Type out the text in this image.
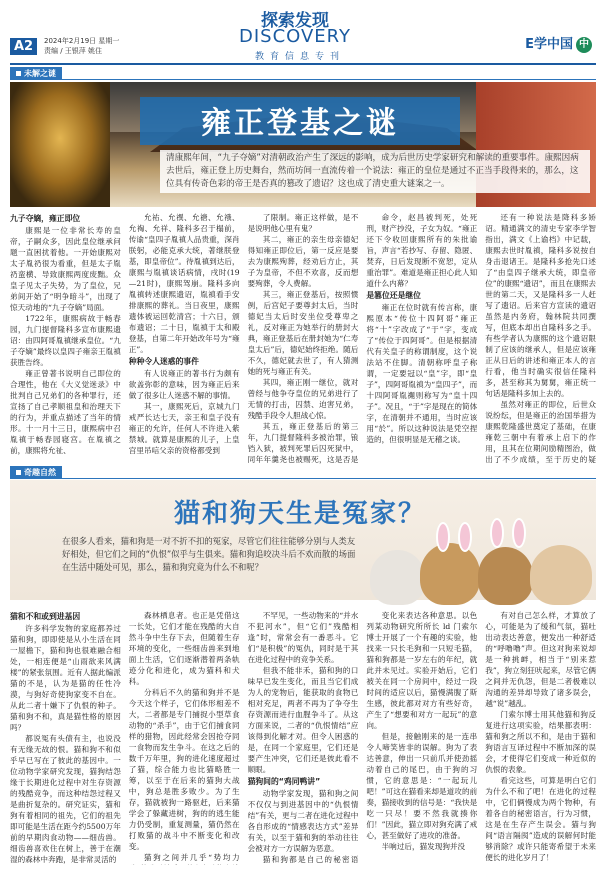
A2	2024年2月19日 星期一
责编 / 王银萍 姚住
探索发现
DISCOVERY
教育信息专刊
E学中国 中
未解之谜
雍正登基之谜
清康熙年间，“九子夺嫡”对清朝政治产生了深远的影响，成为后世历史学家研究和解读的重要事件。康熙因病去世后，雍正登上历史舞台，然而坊间一直流传着一个说法：雍正的皇位是通过不正当手段得来的，那么，这位具有传奇色彩的帝王是否真的篡改了遗诏？这也成了清史重大谜案之一。
九子夺嫡，雍正即位

康熙是一位非常长寿的皇帝，子嗣众多，因此皇位继承问题一直困扰着他。一开始康熙对太子胤礽很为看重，但是太子胤礽蛮横、导致康熙两度废黜。众皇子见太子失势，为了皇位，兄弟间开始了“明争暗斗”，出现了惊天动地的“九子夺嫡”局面。

1722年，康熙病故于畅春园，九门提督隆科多宣布康熙遗诏：由四阿哥胤禛继承皇位。“九子夺嫡”最终以皇四子雍亲王胤禛获胜告终。

雍正曾著书说明自己即位的合理性，他在《大义觉迷录》中批判自己兄弟们的各种罪行，还宣扬了自己孝顺祖皇和治理天下的行为，并重点描述了当年的情形。十一月十三日，康熙病中召胤禛于畅春园寝宫。在胤禛之前，康熙将允祉、

允祐、允禩、允禟、允䄉、允裪、允祥、隆科多召于榻前，传谕“皇四子胤禛人品贵重，深肖朕躬，必能克承大统，著继朕登基，即皇帝位”。待胤禛到达后，康熙与胤禛谈话病情，戌时(19—21时)，康熙驾崩。隆科多向胤禛转述康熙遗诏，胤禛看手安排康熙的葬礼。当日夜里，康熙遗体被运回乾清宫；十六日，颁布遗诏；二十日，胤禛于太和殿登基，自第二年开始改年号为“雍正”。

种种令人迷惑的事件

有人说雍正的著书行为颇有欲盖弥彰的意味，因为雍正后来做了很多让人迷惑不解的事情。

其一，康熙死后，京城九门戒严长达七天，亲王和皇子没有雍正的允许，任何人不许进入紫禁城。就算是康熙的儿子，上皇宫里吊唁父亲的资格都受到

了限制。雍正这样做，是不是说明他心里有鬼？

其二，雍正的亲生母亲德妃得知雍正即位后，第一反应是要去为康熙殉葬，经劝后方止，其子为皇帝，不但不欢喜，反而想要殉葬，令人费解。

其三，雍正登基后，按照惯例，后宫妃子要尊封太后，当时德妃当太后时安坐位受尊卑之礼，反对雍正为她举行的册封大典，雍正登基后在册封她为“仁寿皇太后”后，德妃始终拒绝。随后不久，德妃就去世了，有人猜测她的死与雍正有关。

其四，雍正刚一继位，就对曾经与他争夺皇位的兄弟进行了无情的打击，囚禁、迫害兄弟，残酷手段令人胆战心惊。

其五，雍正登基后的第三年，九门提督隆科多被治罪，锒铛入狱，被判死罪后囚死狱中，同年年羹尧也被赐死，这是否是

命令，赵昌被判死，处死刑，财产抄没，子女为奴。“雍正还下令收回康熙所有的朱批谕旨，声言“若抄写、存留、隐匿、焚弃，日后发现断不宽恕，定从重治罪”。难道是雍正担心此人知道什么内幕？

是篡位还是继位

雍正在位时就有传言称，康熙原本“传位十四阿哥”雍正将“十”字改成了“于”字，变成了“传位于四阿哥”。但是根据清代有关皇子的称谓制度，这个说法站不住脚。清朝称呼皇子称谓，一定要冠以“皇”字，即“皇子”，四阿哥胤禛为“皇四子”，而十四阿哥胤禵则称写为“皇十四子”。况且，“于”字是现在的简体字，在清朝并不通用，当时应该用“於”。所以这种说法是凭空捏造的，但很明显是无稽之谈。

还有一种说法是降科多矫诏。精通满文的清史专家李学智指出，满文《上谕档》中记载，康熙去世时胤禛，隆科多说按自身击退诸王。是隆科多抢先口述了“由皇四子继承大统，即皇帝位”的康熙“遗诏”，而且在康熙去世的第二天，又是隆科多一人赶写了遗诏。后来官方宣读的遗诏虽然是内务府，翰林院共同撰写，但底本却出自隆科多之手。有些学者认为康熙的这个遗诏限制了应该的继承人，但是应该雍正从日后的讲述和雍正本人的言行看，他当时确实很信任隆科多，甚至称其为舅舅，雍正统一句话是隆科多加上去的。

虽然对雍正的即位，后世众说纷纭，但是雍正的治国举措为康熙乾隆盛世奠定了基础，在康雍乾三朝中有着承上启下的作用，且其在位期间励精图治，做出了不少成绩，至于历史的疑

奇趣自然
猫和狗天生是冤家？
在很多人看来，猫和狗是一对不折不扣的冤家，尽管它们往往能够分别与人类友好相处，但它们之间的“仇恨”似乎与生俱来。猫和狗追咬决斗后不欢而散的场面在生活中随处可见，那么，猫和狗究竟为什么不和呢？
猫和不和或到进基因

许多科学发物的家庭都养过猫和狗，即即使是从小生活在同一屋檐下，猫和狗也很难融合相处，一相连便是“山雨欲来风满楼”的紧张氛围。近有人据此编派猫的不是，认为是猫的任性冷漠，与狗好奇使狗家变不自在。从此二者十嫌下了仇恨的种子。猫和狗不和，真是猫性格的原因吗？

都说冤有头债有主，也说没有无缘无故的恨。猫和狗不和似乎早已写在了彼此的基因中。一位动物学家研究发现，猫狗结怨缘于长期进化过程中对生存资源的残酷竞争，而这种结怨过程又是曲折复杂的。研究证实，猫和狗有着相同的祖先，它们的祖先即可能是生活在距今约5500万年前的早期肉食动物——细齿兽。细齿兽喜欢住在树上，善于在潮湿的森林中奔跑，是非常灵活的

森林栖息者。也正是凭借这一长处，它们才能在残酷的大自然斗争中生存下去，但随着生存环境的变化，一些细齿兽来到地面上生活，它们逐渐潜着两条轨迹分化和进化，成为猫科和犬科。

分科后不久的猫和狗并不是今天这个样子，它们体形相差不大，二者都是专门捕捉小型草食动物的“杀手”，由于它们捕食同样的猎物，因此经常会因抢夺同一食物而发生争斗。在这之后的数千万年里，狗的进化速度超过了猫，综合能力也比猫略胜一筹，以至于在后来的猫狗大战中，狗总是胜多败少。为了生存，猫就被狗一路驱赶，后来猫学会了躲藏进树，狗的的逃生能力仍受制，重复测量，猫仍然在打败猫的战斗中不断变化和改变。

猫狗之间并几乎“势均力

不罕见，一些动物来的“并水不犯河水”，但“它们”残酷相逢”时，常常会有一番恶斗。它们“是积极”的冤仇，同时是于其在进化过程中的竞争关系。

但我不能非禾，猫和狗的口味早已发生变化，而且当它们成为人的宠物后，能获取的食物已相对充足，两者不再为了争夺生存资源而进行血腥争斗了。从这方面来说，二者的“仇恨情结”应该得到化解才对。但令人困惑的是，在同一个家庭里，它们还是要产生冲突，它们还是彼此看不顺眼。

猫狗间的“鸡同鸭讲”

动物学家发现，猫和狗之间不仅仅与到进基因中的“仇恨情结”有关，更与二者在进化过程中各自形成的“情感表达方式”差异有关，以至于猫和狗的举动往往会被对方一方误解为恶意。

猫和狗都是自己的秘密语

变化来表达各种意思。以色列某动物研究所所长 ld 门索尔博士开展了一个有趣的实验，他找来一只长毛狗和一只短毛猫，猫和狗都是一岁左右的年纪，就此并未见过。实验开始后，它们被关在同一个房间中，经过一段时间的适应以后，猫慢满腹了斯生感，彼此都对对方有些好奇，产生了“想要和对方一起玩”的意向。

但是，接触刚来的是一连串令人啼笑皆非的误解。狗为了表达善意，伸出一只前爪并使劲摇动着自己的尾巴，由于狗的习惯，它的意思是：“一起玩儿吧！”可这在猫看来却是道攻的前奏，猫接收到的信号是：“我快是吃一只尽！要不然我就揍你们！”因此，猫立即对狗充满了戒心，甚至做好了进攻的准备。

半响过后，猫发现狗并没

有对自己怎么样，才算放了心，可能是为了缓和气氛，猫吐出动表达善意，便发出一种舒适的“呼噜噜”声。但这对狗来说却是一种挑衅，相当于“别来惹我”，狗立刻狂吠起来，尽管它俩之间并无仇怨，但是二者极难以沟通的差异却导致了诸多误会，越“说”越乱。

门索尔博士用其他猫和狗反复进行这项实验，结果都表明：猫和狗之所以不和，是由于猫和狗语言互译过程中不断加深的误会，才使得它们变成一种近似的仇恨的表象。

看完这些，可算是明白它们为什么不和了吧！在进化的过程中，它们俩慢成为两个物种，有着各自的秘密语言，行为习惯，这是在生存产生误会。猫与狗间“语言隔阂”造成的误解何时能够消除？或许只能寄希望于未来便长的进化岁月了！
